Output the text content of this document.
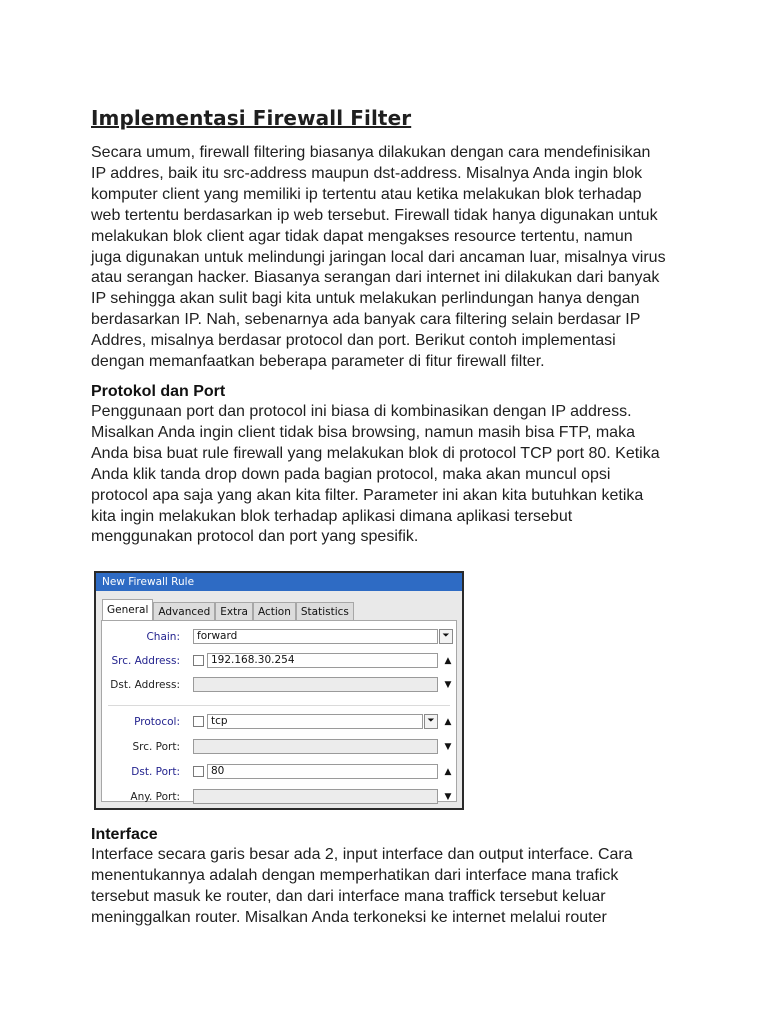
Implementasi Firewall Filter
Secara umum, firewall filtering biasanya dilakukan dengan cara mendefinisikan
IP addres, baik itu src-address maupun dst-address. Misalnya Anda ingin blok
komputer client yang memiliki ip tertentu atau ketika melakukan blok terhadap
web tertentu berdasarkan ip web tersebut. Firewall tidak hanya digunakan untuk
melakukan blok client agar tidak dapat mengakses resource tertentu, namun
juga digunakan untuk melindungi jaringan local dari ancaman luar, misalnya virus
atau serangan hacker. Biasanya serangan dari internet ini dilakukan dari banyak
IP sehingga akan sulit bagi kita untuk melakukan perlindungan hanya dengan
berdasarkan IP. Nah, sebenarnya ada banyak cara filtering selain berdasar IP
Addres, misalnya berdasar protocol dan port. Berikut contoh implementasi
dengan memanfaatkan beberapa parameter di fitur firewall filter.
Protokol dan Port
Penggunaan port dan protocol ini biasa di kombinasikan dengan IP address.
Misalkan Anda ingin client tidak bisa browsing, namun masih bisa FTP, maka
Anda bisa buat rule firewall yang melakukan blok di protocol TCP port 80. Ketika
Anda klik tanda drop down pada bagian protocol, maka akan muncul opsi
protocol apa saja yang akan kita filter. Parameter ini akan kita butuhkan ketika
kita ingin melakukan blok terhadap aplikasi dimana aplikasi tersebut
menggunakan protocol dan port yang spesifik.
Interface
Interface secara garis besar ada 2, input interface dan output interface. Cara
menentukannya adalah dengan memperhatikan dari interface mana trafick
tersebut masuk ke router, dan dari interface mana traffick tersebut keluar
meninggalkan router. Misalkan Anda terkoneksi ke internet melalui router
New Firewall Rule
General Advanced Extra Action Statistics
Chain:	forward	⏷
Src. Address:	192.168.30.254	▲
Dst. Address:	▼
Protocol:	tcp	⏷	▲
Src. Port:	▼
Dst. Port:	80	▲
Any. Port:	▼
